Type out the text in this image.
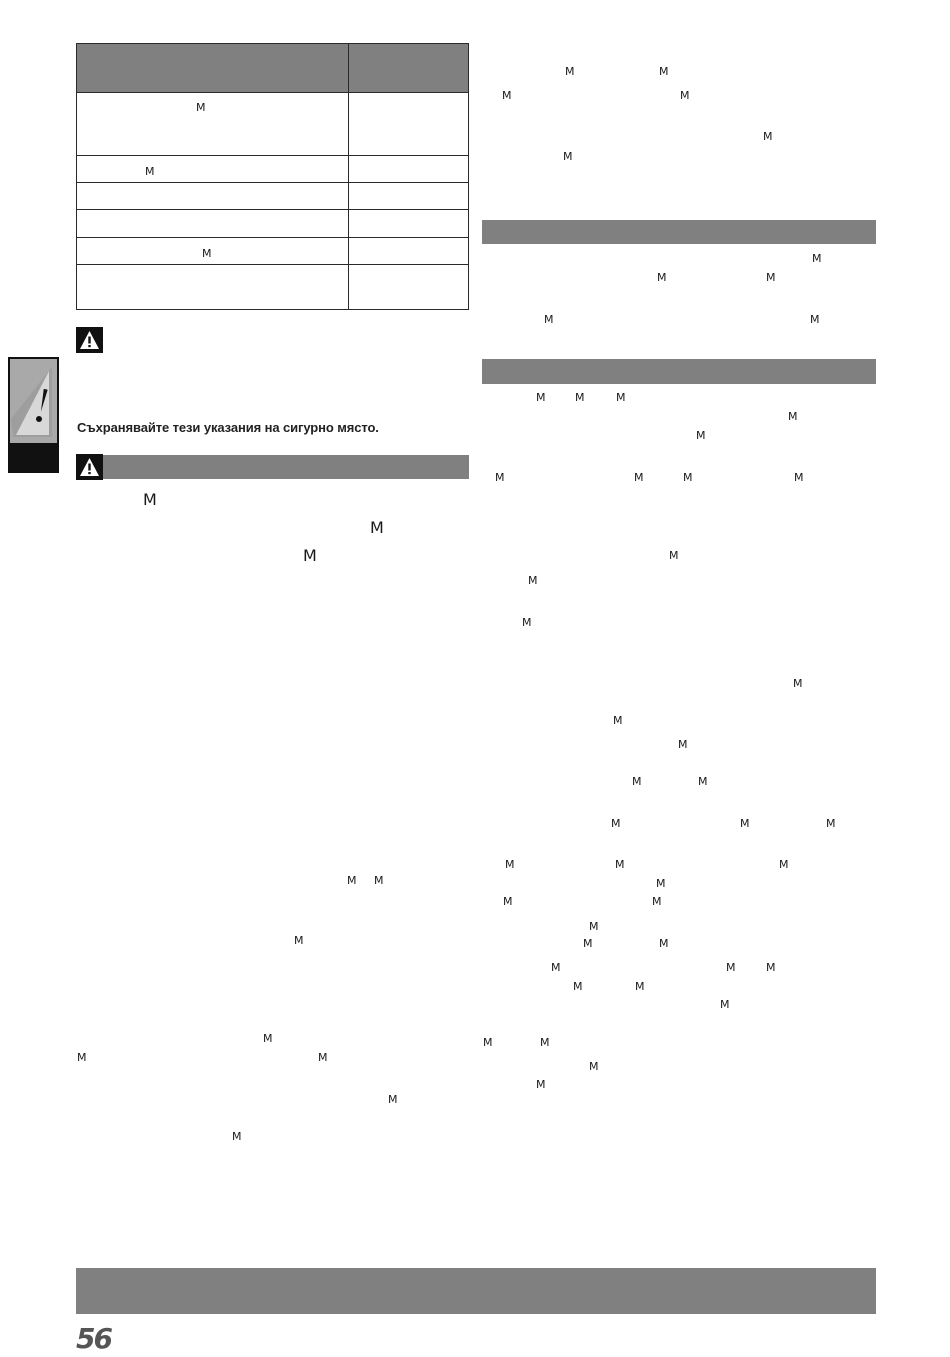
M	

M	

M	

Съхранявайте тези указания на сигурно място.
M
M
M
M M
M
M
M	M
M
M
M	M
M	M
M
M
M
M	M
M	M
M	M	M
M
M
M	M	M	M
M
M
M
M
M
M
M	M
M	M	M
M	M	M
M
M	M
M
M	M
M	M	M
M	M
M
M	M
M
M
56
